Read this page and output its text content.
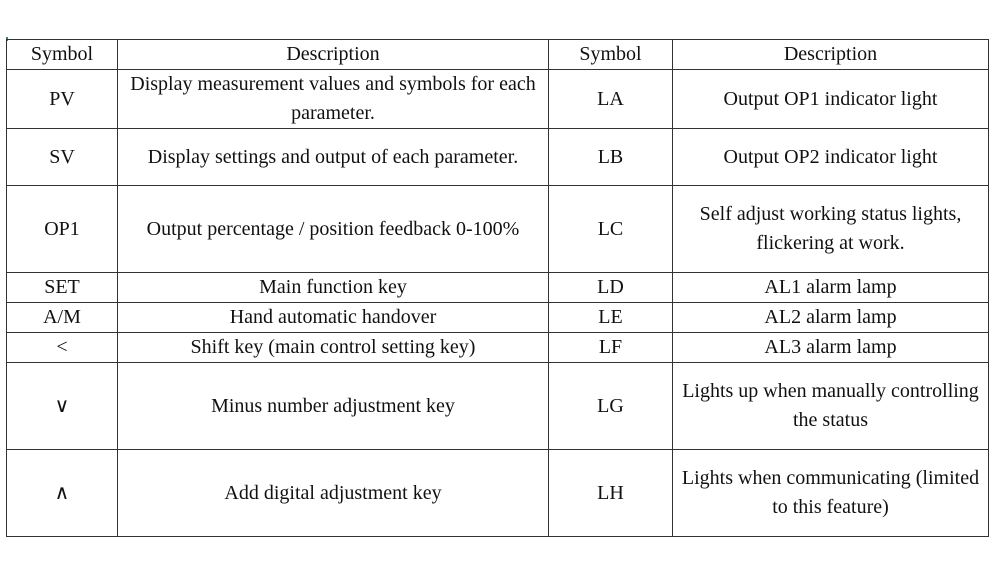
Symbol	Description	Symbol	Description
PV	Display measurement values and symbols for each parameter.	LA	Output OP1 indicator light
SV	Display settings and output of each parameter.	LB	Output OP2 indicator light
OP1	Output percentage / position feedback 0-100%	LC	Self adjust working status lights, flickering at work.
SET	Main function key	LD	AL1 alarm lamp
A/M	Hand automatic handover	LE	AL2 alarm lamp
<	Shift key (main control setting key)	LF	AL3 alarm lamp
∨	Minus number adjustment key	LG	Lights up when manually controlling the status
∧	Add digital adjustment key	LH	Lights when communicating (limited to this feature)
